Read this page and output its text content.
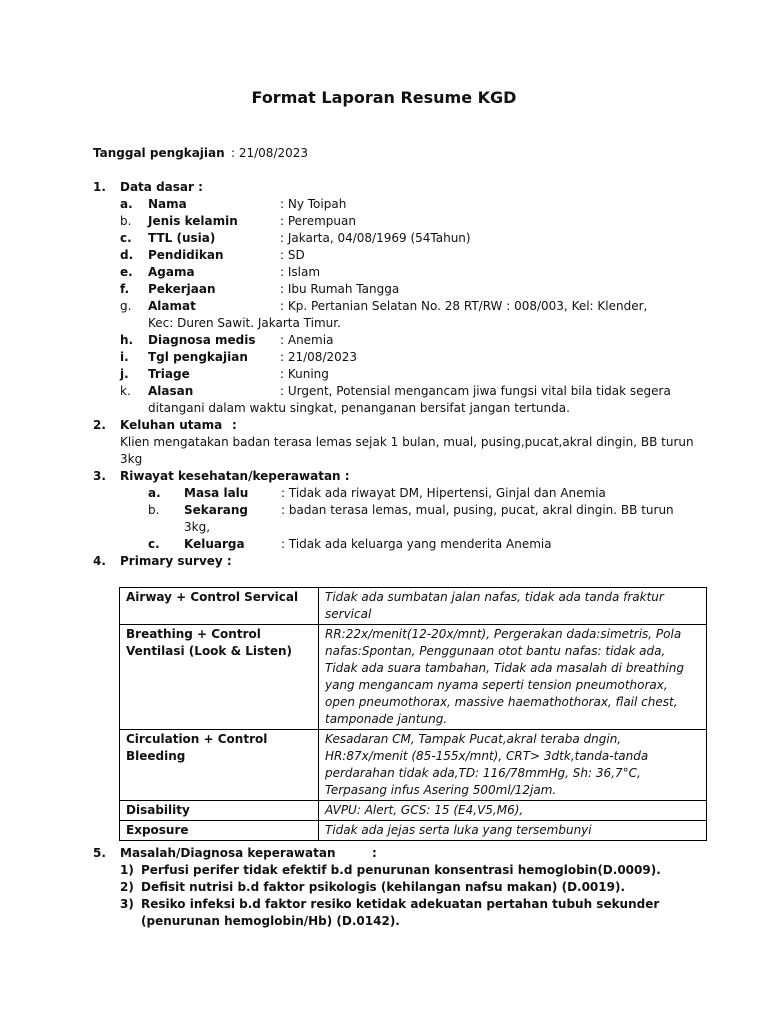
Format Laporan Resume KGD
Tanggal pengkajian : 21/08/2023
1. Data dasar :
a. Nama	: Ny Toipah
b. Jenis kelamin	: Perempuan
c. TTL (usia)	: Jakarta, 04/08/1969 (54Tahun)
d. Pendidikan	: SD
e. Agama	: Islam
f. Pekerjaan	: Ibu Rumah Tangga
g. Alamat	: Kp. Pertanian Selatan No. 28 RT/RW : 008/003, Kel: Klender,
Kec: Duren Sawit. Jakarta Timur.
h. Diagnosa medis : Anemia
i. Tgl pengkajian	: 21/08/2023
j. Triage	: Kuning
k. Alasan	: Urgent, Potensial mengancam jiwa fungsi vital bila tidak segera
ditangani dalam waktu singkat, penanganan bersifat jangan tertunda.
2. Keluhan utama :
Klien mengatakan badan terasa lemas sejak 1 bulan, mual, pusing,pucat,akral dingin, BB turun
3kg
3. Riwayat kesehatan/keperawatan :
a. Masa lalu	: Tidak ada riwayat DM, Hipertensi, Ginjal dan Anemia
b. Sekarang	: badan terasa lemas, mual, pusing, pucat, akral dingin. BB turun
3kg,
c. Keluarga	: Tidak ada keluarga yang menderita Anemia
4. Primary survey :
Airway + Control Servical	Tidak ada sumbatan jalan nafas, tidak ada tanda fraktur servical
Breathing + Control Ventilasi (Look & Listen)	RR:22x/menit(12-20x/mnt), Pergerakan dada:simetris, Pola nafas:Spontan, Penggunaan otot bantu nafas: tidak ada, Tidak ada suara tambahan, Tidak ada masalah di breathing yang mengancam nyama seperti tension pneumothorax, open pneumothorax, massive haemathothorax, flail chest, tamponade jantung.
Circulation + Control Bleeding	Kesadaran CM, Tampak Pucat,akral teraba dngin, HR:87x/menit (85-155x/mnt), CRT> 3dtk,tanda-tanda perdarahan tidak ada,TD: 116/78mmHg, Sh: 36,7°C, Terpasang infus Asering 500ml/12jam.
Disability	AVPU: Alert, GCS: 15 (E4,V5,M6),
Exposure	Tidak ada jejas serta luka yang tersembunyi
5. Masalah/Diagnosa keperawatan	:
1) Perfusi perifer tidak efektif b.d penurunan konsentrasi hemoglobin(D.0009).
2) Defisit nutrisi b.d faktor psikologis (kehilangan nafsu makan) (D.0019).
3) Resiko infeksi b.d faktor resiko ketidak adekuatan pertahan tubuh sekunder
(penurunan hemoglobin/Hb) (D.0142).
